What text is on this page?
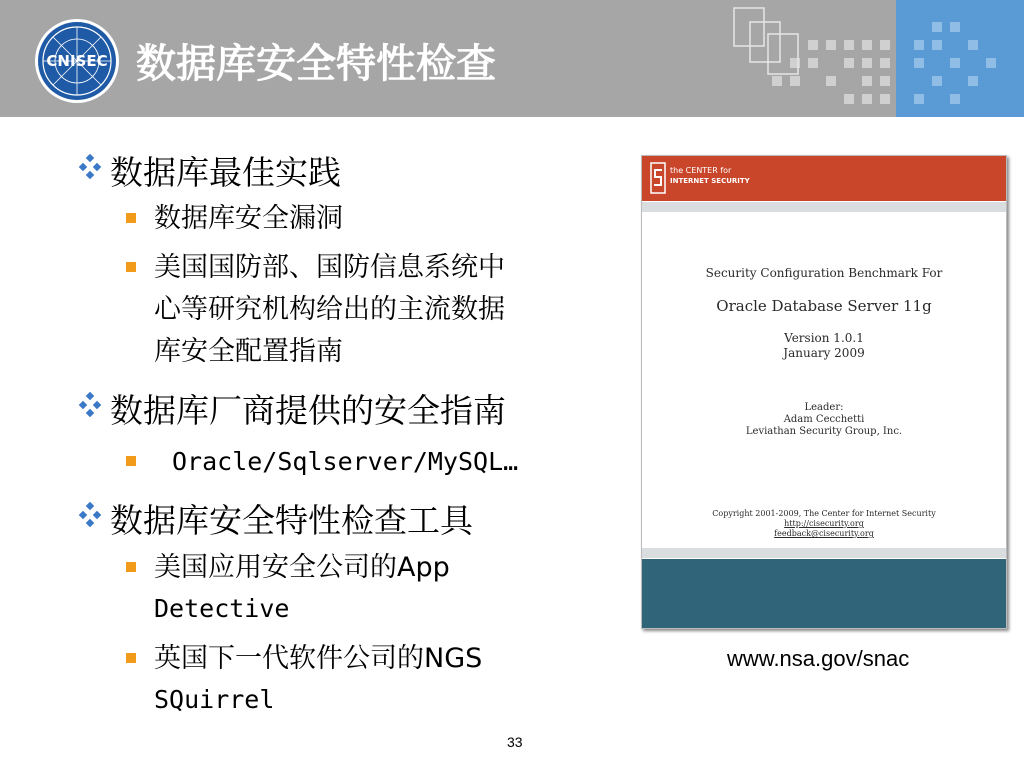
CNISEC 数据库安全特性检查
数据库最佳实践
数据库安全漏洞
美国国防部、国防信息系统中
心等研究机构给出的主流数据
库安全配置指南
数据库厂商提供的安全指南
Oracle/Sqlserver/MySQL…
数据库安全特性检查工具
美国应用安全公司的App
Detective
英国下一代软件公司的NGS
SQuirrel
the CENTER for
INTERNET SECURITY
Security Configuration Benchmark For
Oracle Database Server 11g
Version 1.0.1
January 2009
Leader:
Adam Cecchetti
Leviathan Security Group, Inc.
Copyright 2001-2009, The Center for Internet Security
http://cisecurity.org
feedback@cisecurity.org
www.nsa.gov/snac
33
